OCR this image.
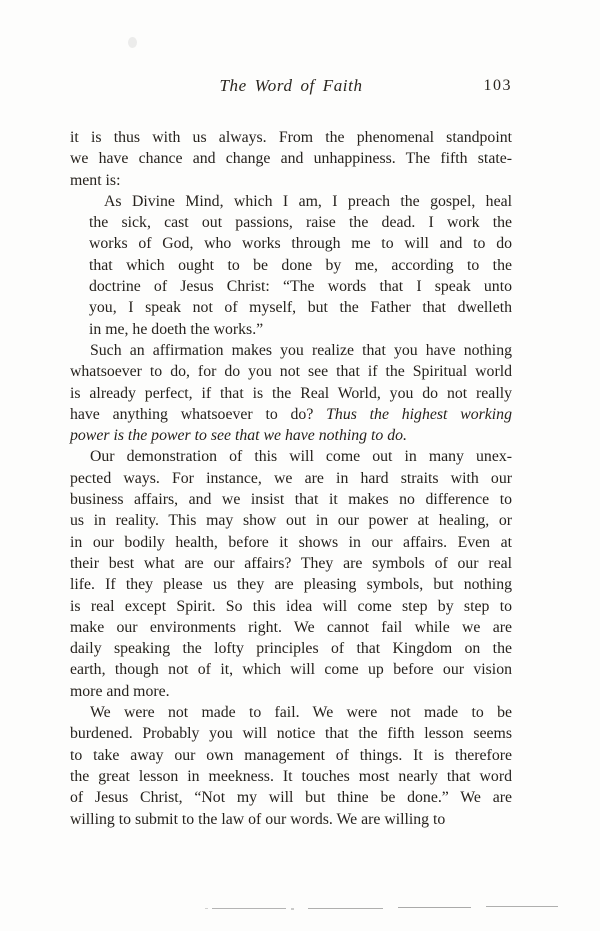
The Word of Faith	103
it is thus with us always. From the phenomenal standpoint
we have chance and change and unhappiness. The fifth state-
ment is:
As Divine Mind, which I am, I preach the gospel, heal
the sick, cast out passions, raise the dead. I work the
works of God, who works through me to will and to do
that which ought to be done by me, according to the
doctrine of Jesus Christ: “The words that I speak unto
you, I speak not of myself, but the Father that dwelleth
in me, he doeth the works.”
Such an affirmation makes you realize that you have nothing
whatsoever to do, for do you not see that if the Spiritual world
is already perfect, if that is the Real World, you do not really
have anything whatsoever to do? Thus the highest working
power is the power to see that we have nothing to do.
Our demonstration of this will come out in many unex-
pected ways. For instance, we are in hard straits with our
business affairs, and we insist that it makes no difference to
us in reality. This may show out in our power at healing, or
in our bodily health, before it shows in our affairs. Even at
their best what are our affairs? They are symbols of our real
life. If they please us they are pleasing symbols, but nothing
is real except Spirit. So this idea will come step by step to
make our environments right. We cannot fail while we are
daily speaking the lofty principles of that Kingdom on the
earth, though not of it, which will come up before our vision
more and more.
We were not made to fail. We were not made to be
burdened. Probably you will notice that the fifth lesson seems
to take away our own management of things. It is therefore
the great lesson in meekness. It touches most nearly that word
of Jesus Christ, “Not my will but thine be done.” We are
willing to submit to the law of our words. We are willing to
